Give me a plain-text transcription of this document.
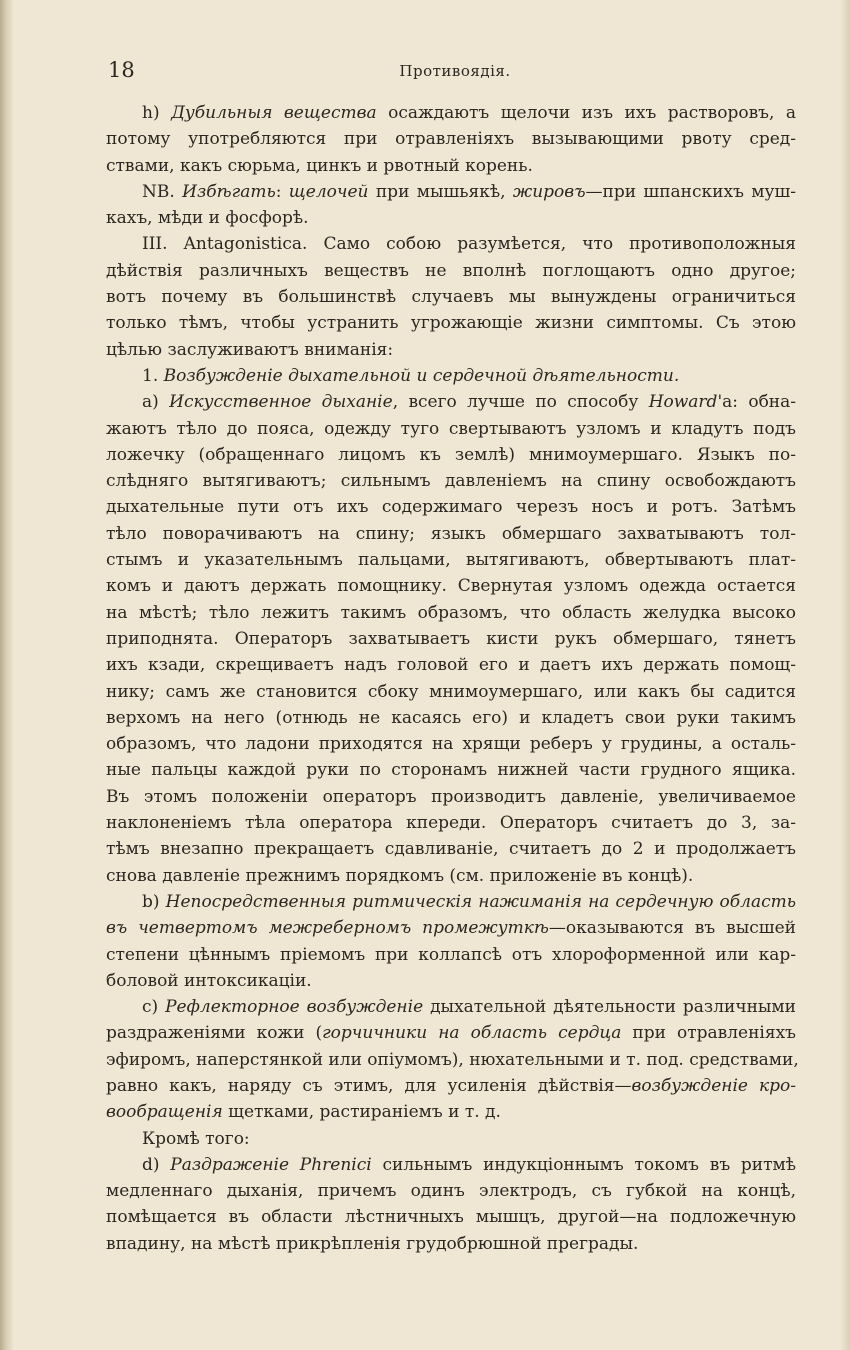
18	Противоядія.
h) Дубильныя вещества осаждаютъ щелочи изъ ихъ растворовъ, а
потому употребляются при отравленіяхъ вызывающими рвоту сред-
ствами, какъ сюрьма, цинкъ и рвотный корень.
NB. Избѣгать: щелочей при мышьякѣ, жировъ—при шпанскихъ муш-
кахъ, мѣди и фосфорѣ.
III. Antagonistica. Само собою разумѣется, что противоположныя
дѣйствія различныхъ веществъ не вполнѣ поглощаютъ одно другое;
вотъ почему въ большинствѣ случаевъ мы вынуждены ограничиться
только тѣмъ, чтобы устранить угрожающіе жизни симптомы. Съ этою
цѣлью заслуживаютъ вниманія:
1. Возбужденіе дыхательной и сердечной дѣятельности.
a) Искусственное дыханіе, всего лучше по способу Howard'а: обна-
жаютъ тѣло до пояса, одежду туго свертываютъ узломъ и кладутъ подъ
ложечку (обращеннаго лицомъ къ землѣ) мнимоумершаго. Языкъ по-
слѣдняго вытягиваютъ; сильнымъ давленіемъ на спину освобождаютъ
дыхательные пути отъ ихъ содержимаго черезъ носъ и ротъ. Затѣмъ
тѣло поворачиваютъ на спину; языкъ обмершаго захватываютъ тол-
стымъ и указательнымъ пальцами, вытягиваютъ, обвертываютъ плат-
комъ и даютъ держать помощнику. Свернутая узломъ одежда остается
на мѣстѣ; тѣло лежитъ такимъ образомъ, что область желудка высоко
приподнята. Операторъ захватываетъ кисти рукъ обмершаго, тянетъ
ихъ кзади, скрещиваетъ надъ головой его и даетъ ихъ держать помощ-
нику; самъ же становится сбоку мнимоумершаго, или какъ бы садится
верхомъ на него (отнюдь не касаясь его) и кладетъ свои руки такимъ
образомъ, что ладони приходятся на хрящи реберъ у грудины, а осталь-
ные пальцы каждой руки по сторонамъ нижней части грудного ящика.
Въ этомъ положеніи операторъ производитъ давленіе, увеличиваемое
наклоненіемъ тѣла оператора кпереди. Операторъ считаетъ до 3, за-
тѣмъ внезапно прекращаетъ сдавливаніе, считаетъ до 2 и продолжаетъ
снова давленіе прежнимъ порядкомъ (см. приложеніе въ концѣ).
b) Непосредственныя ритмическія нажиманія на сердечную область
въ четвертомъ межреберномъ промежуткѣ—оказываются въ высшей
степени цѣннымъ пріемомъ при коллапсѣ отъ хлороформенной или кар-
боловой интоксикаціи.
c) Рефлекторное возбужденіе дыхательной дѣятельности различными
раздраженіями кожи (горчичники на область сердца при отравленіяхъ
эфиромъ, наперстянкой или опіумомъ), нюхательными и т. под. средствами,
равно какъ, наряду съ этимъ, для усиленія дѣйствія—возбужденіе кро-
вообращенія щетками, растираніемъ и т. д.
Кромѣ того:
d) Раздраженіе Phrenici сильнымъ индукціоннымъ токомъ въ ритмѣ
медленнаго дыханія, причемъ одинъ электродъ, съ губкой на концѣ,
помѣщается въ области лѣстничныхъ мышцъ, другой—на подложечную
впадину, на мѣстѣ прикрѣпленія грудобрюшной преграды.
